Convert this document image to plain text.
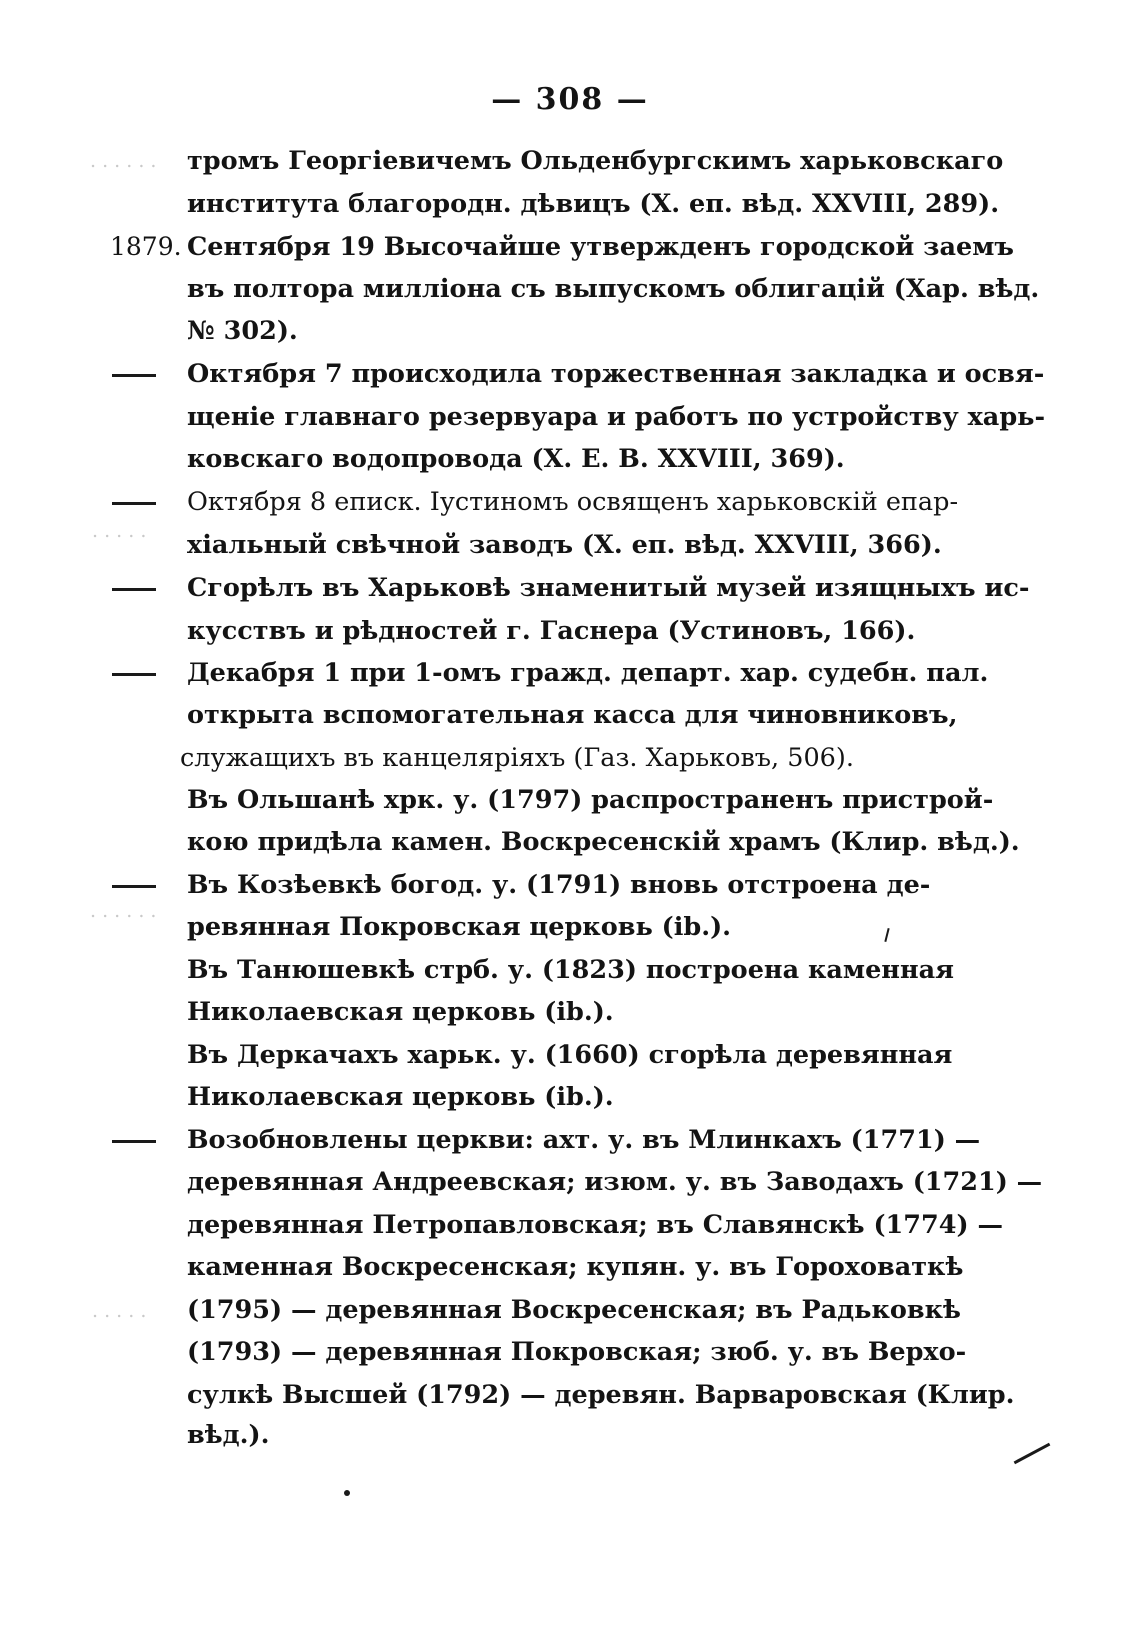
— 308 —
. . . . . .
. . . . .
. . . . . .
. . . . .
тромъ Георгіевичемъ Ольденбургскимъ харьковскаго
института благородн. дѣвицъ (X. еп. вѣд. XXVIII, 289).
Сентября 19 Высочайше утвержденъ городской заемъ
въ полтора милліона съ выпускомъ облигацій (Хар. вѣд.
№ 302).
Октября 7 происходила торжественная закладка и освя-
щеніе главнаго резервуара и работъ по устройству харь-
ковскаго водопровода (X. Е. В. XXVIII, 369).
Октября 8 еписк. Іустиномъ освященъ харьковскій епар-
хіальный свѣчной заводъ (X. еп. вѣд. XXVIII, 366).
Сгорѣлъ въ Харьковѣ знаменитый музей изящныхъ ис-
кусствъ и рѣдностей г. Гаснера (Устиновъ, 166).
Декабря 1 при 1-омъ гражд. департ. хар. судебн. пал.
открыта вспомогательная касса для чиновниковъ,
служащихъ въ канцеляріяхъ (Газ. Харьковъ, 506).
Въ Ольшанѣ хрк. у. (1797) распространенъ пристрой-
кою придѣла камен. Воскресенскій храмъ (Клир. вѣд.).
Въ Козѣевкѣ богод. у. (1791) вновь отстроена де-
ревянная Покровская церковь (ib.).
Въ Танюшевкѣ стрб. у. (1823) построена каменная
Николаевская церковь (ib.).
Въ Деркачахъ харьк. у. (1660) сгорѣла деревянная
Николаевская церковь (ib.).
Возобновлены церкви: ахт. у. въ Млинкахъ (1771) —
деревянная Андреевская; изюм. у. въ Заводахъ (1721) —
деревянная Петропавловская; въ Славянскѣ (1774) —
каменная Воскресенская; купян. у. въ Гороховаткѣ
(1795) — деревянная Воскресенская; въ Радьковкѣ
(1793) — деревянная Покровская; зюб. у. въ Верхо-
сулкѣ Высшей (1792) — деревян. Варваровская (Клир.
вѣд.).
1879.
